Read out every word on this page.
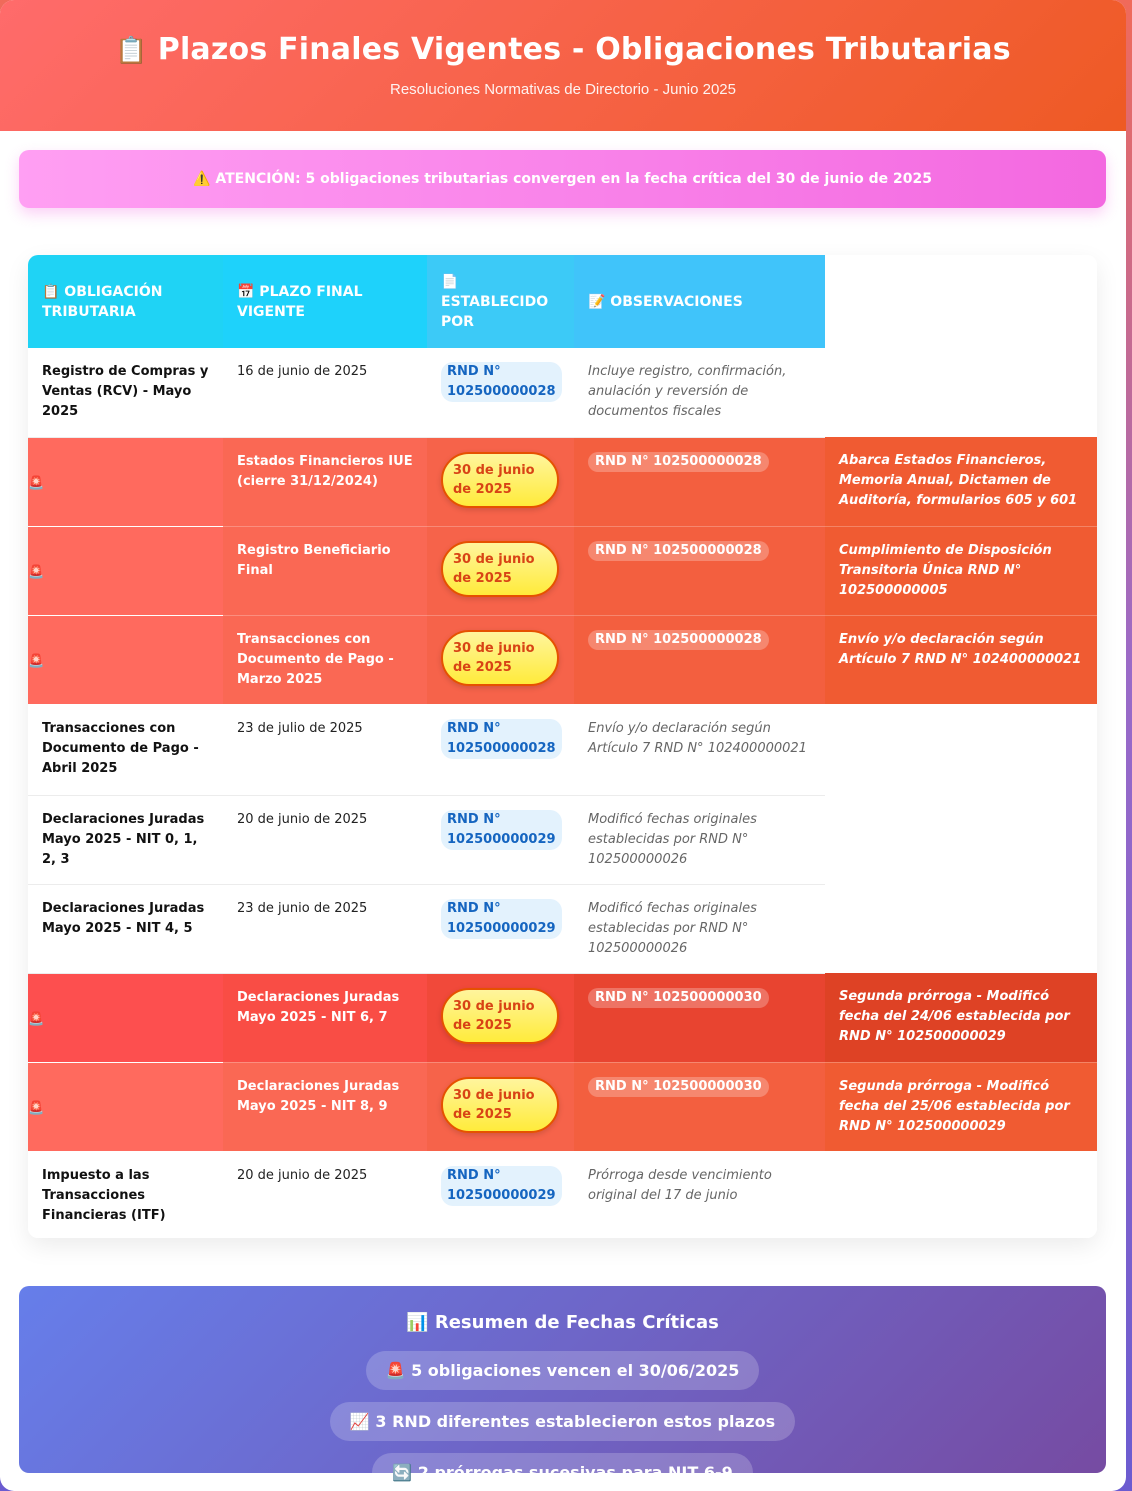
📋 Plazos Finales Vigentes - Obligaciones Tributarias
Resoluciones Normativas de Directorio - Junio 2025
⚠️ ATENCIÓN: 5 obligaciones tributarias convergen en la fecha crítica del 30 de junio de 2025
📋 OBLIGACIÓN TRIBUTARIA	📅 PLAZO FINAL VIGENTE	📄 ESTABLECIDO POR	📝 OBSERVACIONES	
Registro de Compras y Ventas (RCV) - Mayo 2025	16 de junio de 2025	RND N° 102500000028	Incluye registro, confirmación, anulación y reversión de documentos fiscales	

🚨	Estados Financieros IUE (cierre 31/12/2024)	30 de junio de 2025	RND N° 102500000028	Abarca Estados Financieros, Memoria Anual, Dictamen de Auditoría, formularios 605 y 601

🚨	Registro Beneficiario Final	30 de junio de 2025	RND N° 102500000028	Cumplimiento de Disposición Transitoria Única RND N° 102500000005

🚨	Transacciones con Documento de Pago - Marzo 2025	30 de junio de 2025	RND N° 102500000028	Envío y/o declaración según Artículo 7 RND N° 102400000021
Transacciones con Documento de Pago - Abril 2025	23 de julio de 2025	RND N° 102500000028	Envío y/o declaración según Artículo 7 RND N° 102400000021	
Declaraciones Juradas Mayo 2025 - NIT 0, 1, 2, 3	20 de junio de 2025	RND N° 102500000029	Modificó fechas originales establecidas por RND N° 102500000026	
Declaraciones Juradas Mayo 2025 - NIT 4, 5	23 de junio de 2025	RND N° 102500000029	Modificó fechas originales establecidas por RND N° 102500000026	

🚨	Declaraciones Juradas Mayo 2025 - NIT 6, 7	30 de junio de 2025	RND N° 102500000030	Segunda prórroga - Modificó fecha del 24/06 establecida por RND N° 102500000029

🚨	Declaraciones Juradas Mayo 2025 - NIT 8, 9	30 de junio de 2025	RND N° 102500000030	Segunda prórroga - Modificó fecha del 25/06 establecida por RND N° 102500000029
Impuesto a las Transacciones Financieras (ITF)	20 de junio de 2025	RND N° 102500000029	Prórroga desde vencimiento original del 17 de junio	
📊 Resumen de Fechas Críticas
🚨 5 obligaciones vencen el 30/06/2025
📈 3 RND diferentes establecieron estos plazos
🔄 2 prórrogas sucesivas para NIT 6-9
